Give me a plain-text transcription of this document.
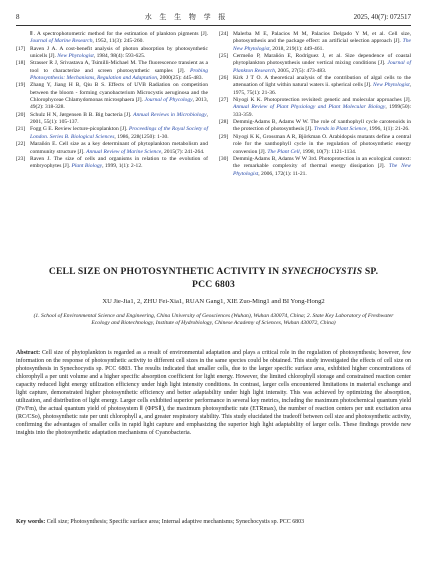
8	水 生 生 物 学 报	2025, 40(7): 072517
Ⅱ. A spectrophotometric method for the estimation of plankton pigments [J]. Journal of Marine Research, 1952, 11(3): 245-260.
[17] Raven J A. A cost-benefit analysis of photon absorption by photosynthetic unicells [J]. New Phytologist, 1984, 98(4): 593-625.
[18] Strasser R J, Srivastava A, Tsimilli-Michael M. The fluorescence transient as a tool to characterize and screen photosynthetic samples [J]. Probing Photosynthesis: Mechanisms, Regulation and Adaptation, 2000(25): 445-483.
[19] Zhang Y, Jiang H B, Qiu B S. Effects of UVB Radiation on competition between the bloom - forming cyanobacterium Microcystis aeruginosa and the Chlorophyceae Chlamydomonas microsphaera [J]. Journal of Phycology, 2013, 49(2): 318-328.
[20] Schulz H N, Jørgensen B B. Big bacteria [J]. Annual Reviews in Microbiology, 2001, 55(1): 105-137.
[21] Fogg G E. Review lecture-picoplankton [J]. Proceedings of the Royal Society of London. Series B. Biological Sciences, 1986, 228(1250): 1-30.
[22] Marañón E. Cell size as a key determinant of phytoplankton metabolism and community structure [J]. Annual Review of Marine Science, 2015(7): 241-264.
[23] Raven J. The size of cells and organisms in relation to the evolution of embryophytes [J]. Plant Biology, 1999, 1(1): 2-12.
[24] Malerba M E, Palacios M M, Palacios Delgado Y M, et al. Cell size, photosynthesis and the package effect: an artificial selection approach [J]. The New Phytologist, 2018, 219(1): 449-461.
[25] Cermeño P, Marañón E, Rodríguez J, et al. Size dependence of coastal phytoplankton photosynthesis under vertical mixing conditions [J]. Journal of Plankton Research, 2005, 27(5): 473-483.
[26] Kirk J T O. A theoretical analysis of the contribution of algal cells to the attenuation of light within natural waters ii. spherical cells [J]. New Phytologist, 1975, 75(1): 21-36.
[27] Niyogi K K. Photoprotection revisited: genetic and molecular approaches [J]. Annual Review of Plant Physiology and Plant Molecular Biology, 1999(50): 333-359.
[28] Demmig-Adams B, Adams W W. The role of xanthophyll cycle carotenoids in the protection of photosynthesis [J]. Trends in Plant Science, 1996, 1(1): 21-26.
[29] Niyogi K K, Grossman A R, Björkman O. Arabidopsis mutants define a central role for the xanthophyll cycle in the regulation of photosynthetic energy conversion [J]. The Plant Cell, 1998, 10(7): 1121-1134.
[30] Demmig-Adams B, Adams W W 3rd. Photoprotection in an ecological context: the remarkable complexity of thermal energy dissipation [J]. The New Phytologist, 2006, 172(1): 11-21.
CELL SIZE ON PHOTOSYNTHETIC ACTIVITY IN SYNECHOCYSTIS SP.
PCC 6803
XU Jie-Jia1, 2, ZHU Fei-Xia1, RUAN Gang1, XIE Zuo-Ming1 and BI Yong-Hong2
(1. School of Environmental Science and Engineering, China University of Geosciences (Wuhan), Wuhan 430074, China; 2. State Key Laboratory of Freshwater Ecology and Biotechnology, Institute of Hydrobiology, Chinese Academy of Sciences, Wuhan 430072, China)
Abstract: Cell size of phytoplankton is regarded as a result of environmental adaptation and plays a critical role in the regulation of photosynthesis; however, few information on the response of photosynthetic activity to different cell sizes in the same species could be obtained. This study investigated the effects of cell size on photosynthesis in Synechocystis sp. PCC 6803. The results indicated that smaller cells, due to the larger specific surface area, exhibited higher concentrations of chlorophyll a per unit volume and a higher specific absorption coefficient for light energy. However, the limited chlorophyll storage and constrained reaction center capacity reduced light energy utilization efficiency under high light intensity conditions. In contrast, larger cells encountered limitations in material exchange and light capture, demonstrated higher photosynthetic efficiency and better adaptability under high light intensity. This was achieved by optimizing the absorption, utilization, and distribution of light energy. Larger cells exhibited superior performance in several key metrics, including the maximum photochemical quantum yield (Fv/Fm), the actual quantum yield of photosystem Ⅱ (ΦPSⅡ), the maximum photosynthetic rate (ETRmax), the number of reaction centers per unit excitation area (RC/CSo), photosynthetic rate per unit chlorophyll a, and greater respiratory stability. This study elucidated the tradeoff between cell size and photosynthetic activity, confirming the advantages of smaller cells in rapid light capture and emphasizing the superior high light adaptability of larger cells. These findings provide new insights into the photosynthetic adaptation mechanisms of Cyanobacteria.
Key words: Cell size; Photosynthesis; Specific surface area; Internal adaptive mechanisms; Synechocystis sp. PCC 6803
